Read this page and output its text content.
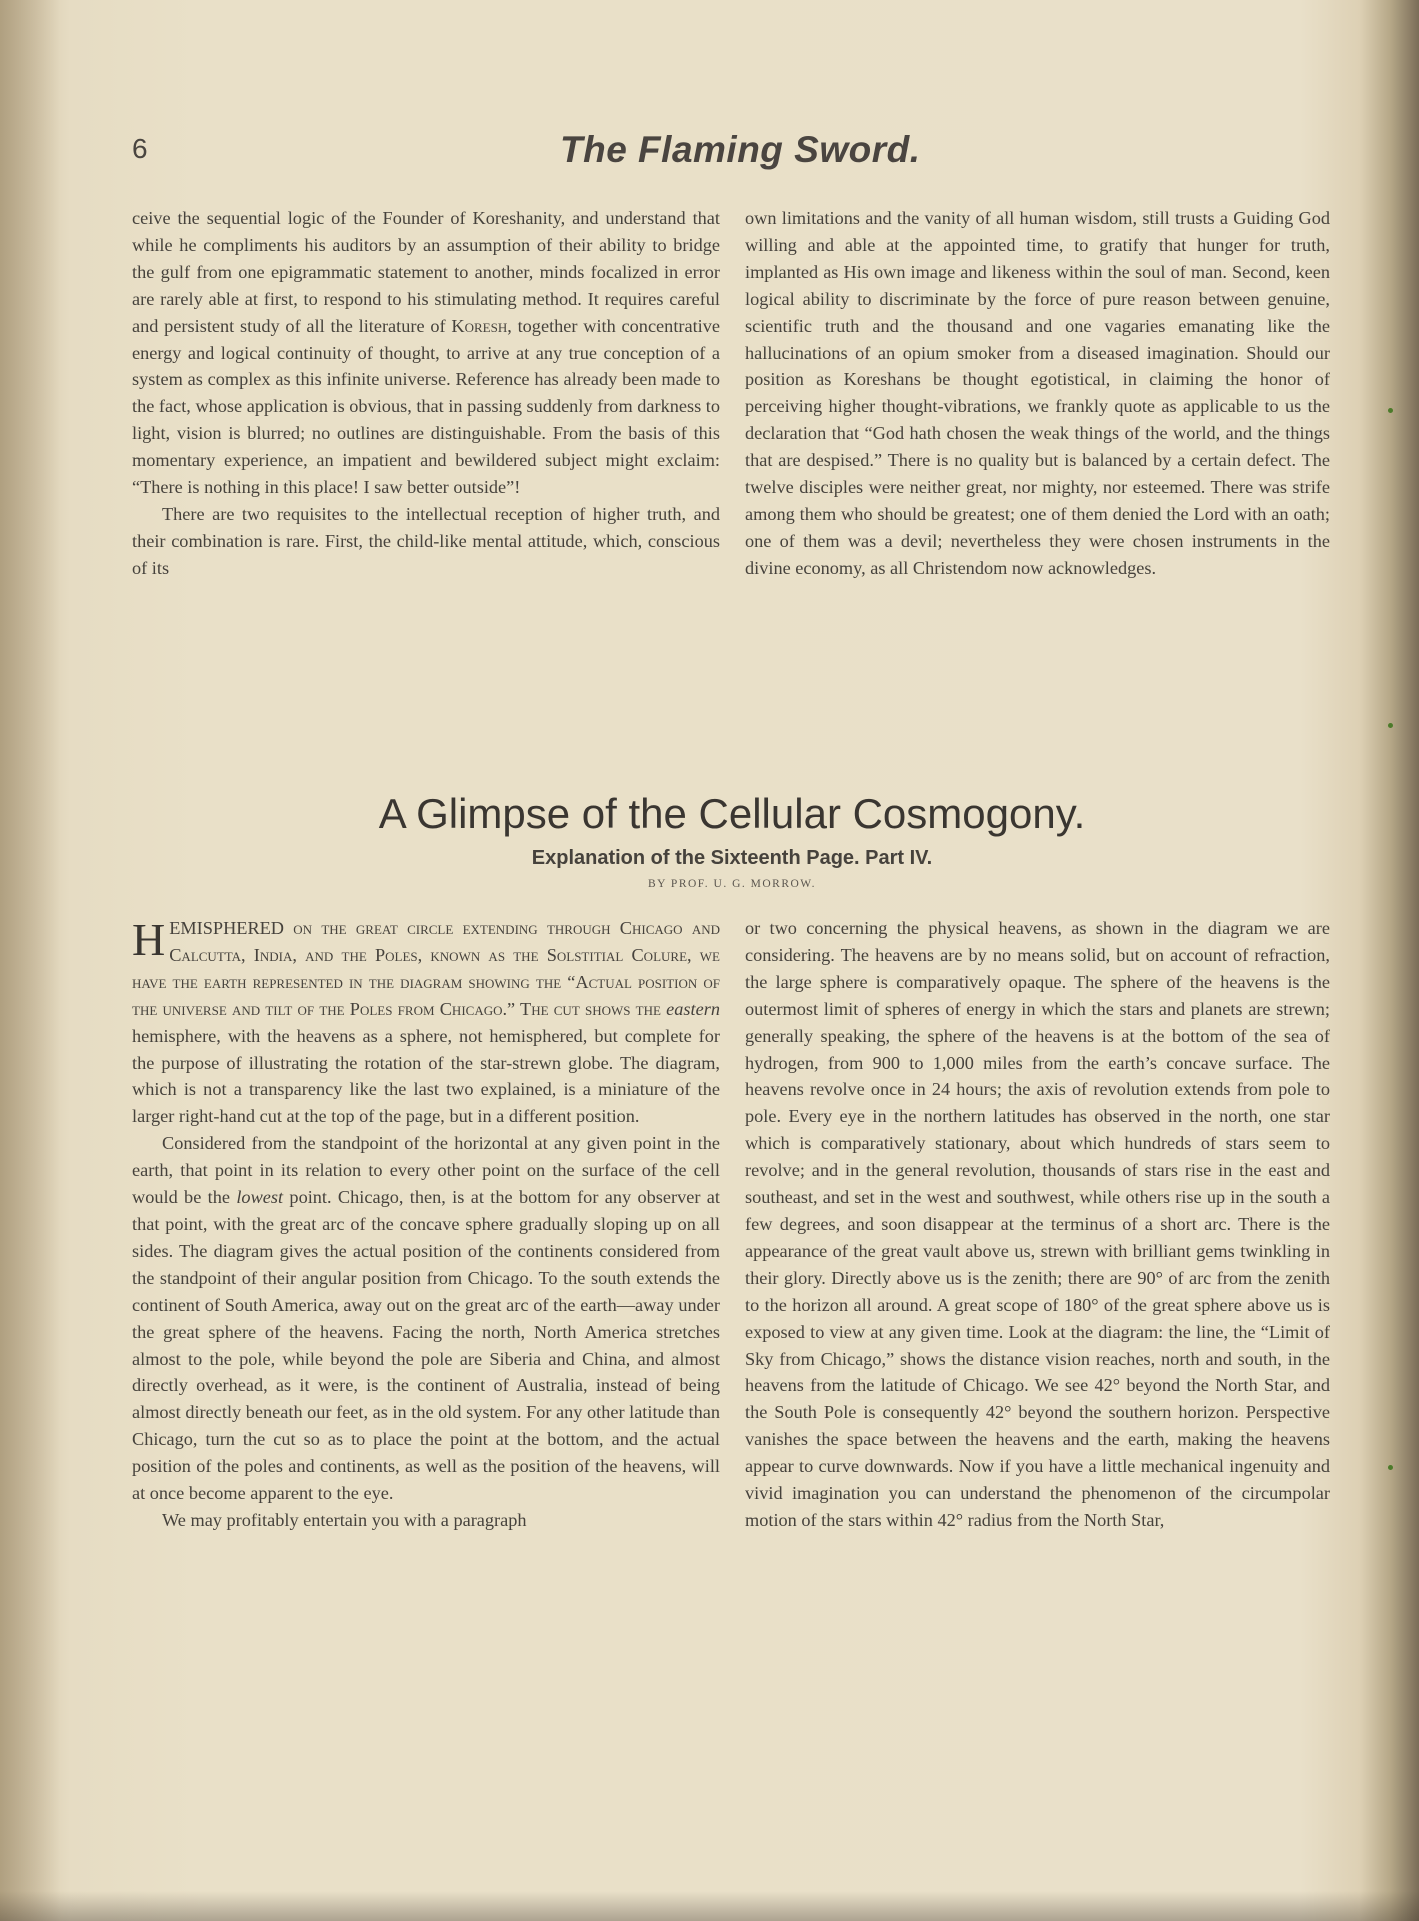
6	The Flaming Sword.

ceive the sequential logic of the Founder of Koreshanity, and understand that while he compliments his auditors by an assumption of their ability to bridge the gulf from one epigrammatic statement to another, minds focalized in error are rarely able at first, to respond to his stimulating method. It requires careful and persistent study of all the literature of Koresh, together with concentrative energy and logical continuity of thought, to arrive at any true conception of a system as complex as this infinite universe. Reference has already been made to the fact, whose application is obvious, that in passing suddenly from darkness to light, vision is blurred; no outlines are distinguishable. From the basis of this momentary experience, an impatient and bewildered subject might exclaim: “There is nothing in this place! I saw better outside”!

There are two requisites to the intellectual reception of higher truth, and their combination is rare. First, the child-like mental attitude, which, conscious of its

own limitations and the vanity of all human wisdom, still trusts a Guiding God willing and able at the appointed time, to gratify that hunger for truth, implanted as His own image and likeness within the soul of man. Second, keen logical ability to discriminate by the force of pure reason between genuine, scientific truth and the thousand and one vagaries emanating like the hallucinations of an opium smoker from a diseased imagination. Should our position as Koreshans be thought egotistical, in claiming the honor of perceiving higher thought-vibrations, we frankly quote as applicable to us the declaration that “God hath chosen the weak things of the world, and the things that are despised.” There is no quality but is balanced by a certain defect. The twelve disciples were neither great, nor mighty, nor esteemed. There was strife among them who should be greatest; one of them denied the Lord with an oath; one of them was a devil; nevertheless they were chosen instruments in the divine economy, as all Christendom now acknowledges.

A Glimpse of the Cellular Cosmogony.
Explanation of the Sixteenth Page. Part IV.
BY PROF. U. G. MORROW.

HEMISPHERED on the great circle extending through Chicago and Calcutta, India, and the Poles, known as the Solstitial Colure, we have the earth represented in the diagram showing the “Actual position of the universe and tilt of the Poles from Chicago.” The cut shows the eastern hemisphere, with the heavens as a sphere, not hemisphered, but complete for the purpose of illustrating the rotation of the star-strewn globe. The diagram, which is not a transparency like the last two explained, is a miniature of the larger right-hand cut at the top of the page, but in a different position.

Considered from the standpoint of the horizontal at any given point in the earth, that point in its relation to every other point on the surface of the cell would be the lowest point. Chicago, then, is at the bottom for any observer at that point, with the great arc of the concave sphere gradually sloping up on all sides. The diagram gives the actual position of the continents considered from the standpoint of their angular position from Chicago. To the south extends the continent of South America, away out on the great arc of the earth—away under the great sphere of the heavens. Facing the north, North America stretches almost to the pole, while beyond the pole are Siberia and China, and almost directly overhead, as it were, is the continent of Australia, instead of being almost directly beneath our feet, as in the old system. For any other latitude than Chicago, turn the cut so as to place the point at the bottom, and the actual position of the poles and continents, as well as the position of the heavens, will at once become apparent to the eye.

We may profitably entertain you with a paragraph

or two concerning the physical heavens, as shown in the diagram we are considering. The heavens are by no means solid, but on account of refraction, the large sphere is comparatively opaque. The sphere of the heavens is the outermost limit of spheres of energy in which the stars and planets are strewn; generally speaking, the sphere of the heavens is at the bottom of the sea of hydrogen, from 900 to 1,000 miles from the earth’s concave surface. The heavens revolve once in 24 hours; the axis of revolution extends from pole to pole. Every eye in the northern latitudes has observed in the north, one star which is comparatively stationary, about which hundreds of stars seem to revolve; and in the general revolution, thousands of stars rise in the east and southeast, and set in the west and southwest, while others rise up in the south a few degrees, and soon disappear at the terminus of a short arc. There is the appearance of the great vault above us, strewn with brilliant gems twinkling in their glory. Directly above us is the zenith; there are 90° of arc from the zenith to the horizon all around. A great scope of 180° of the great sphere above us is exposed to view at any given time. Look at the diagram: the line, the “Limit of Sky from Chicago,” shows the distance vision reaches, north and south, in the heavens from the latitude of Chicago. We see 42° beyond the North Star, and the South Pole is consequently 42° beyond the southern horizon. Perspective vanishes the space between the heavens and the earth, making the heavens appear to curve downwards. Now if you have a little mechanical ingenuity and vivid imagination you can understand the phenomenon of the circumpolar motion of the stars within 42° radius from the North Star,
